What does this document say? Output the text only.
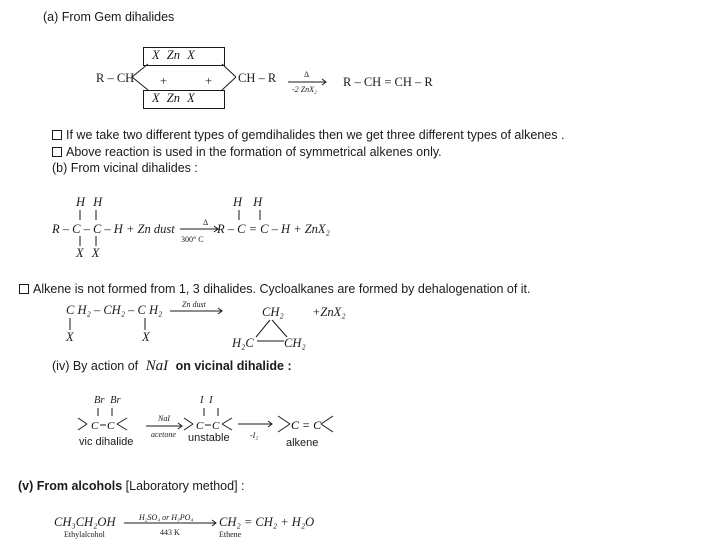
(a) From Gem dihalides
X Zn X
+	+
X Zn X
R – CH	CH – R	Δ
-2 ZnX₂
R – CH = CH – R
If we take two different types of gemdihalides then we get three different types of alkenes .
Above reaction is used in the formation of symmetrical alkenes only.
(b) From vicinal dihalides :
H H
R – C – C – H + Zn dust
X X
H H
Δ
300° C
R – C = C – H + ZnX₂
Alkene is not formed from 1, 3 dihalides. Cycloalkanes are formed by dehalogenation of it.
C H₂ – CH₂ – C H₂
X	X
Zn dust
CH₂
H₂C CH₂
+ZnX₂
(iv) By action of NaI on vicinal dihalide :
Br Br	I I
NaI
acetone	-I₂
vic dihalide	unstable	alkene
C C	C C	C = C
(v) From alcohols [Laboratory method] :
CH₃CH₂OH
Ethylalcohol
H₂SO₄ or H₃PO₄
443 K
CH₂ = CH₂ + H₂O
Ethene
